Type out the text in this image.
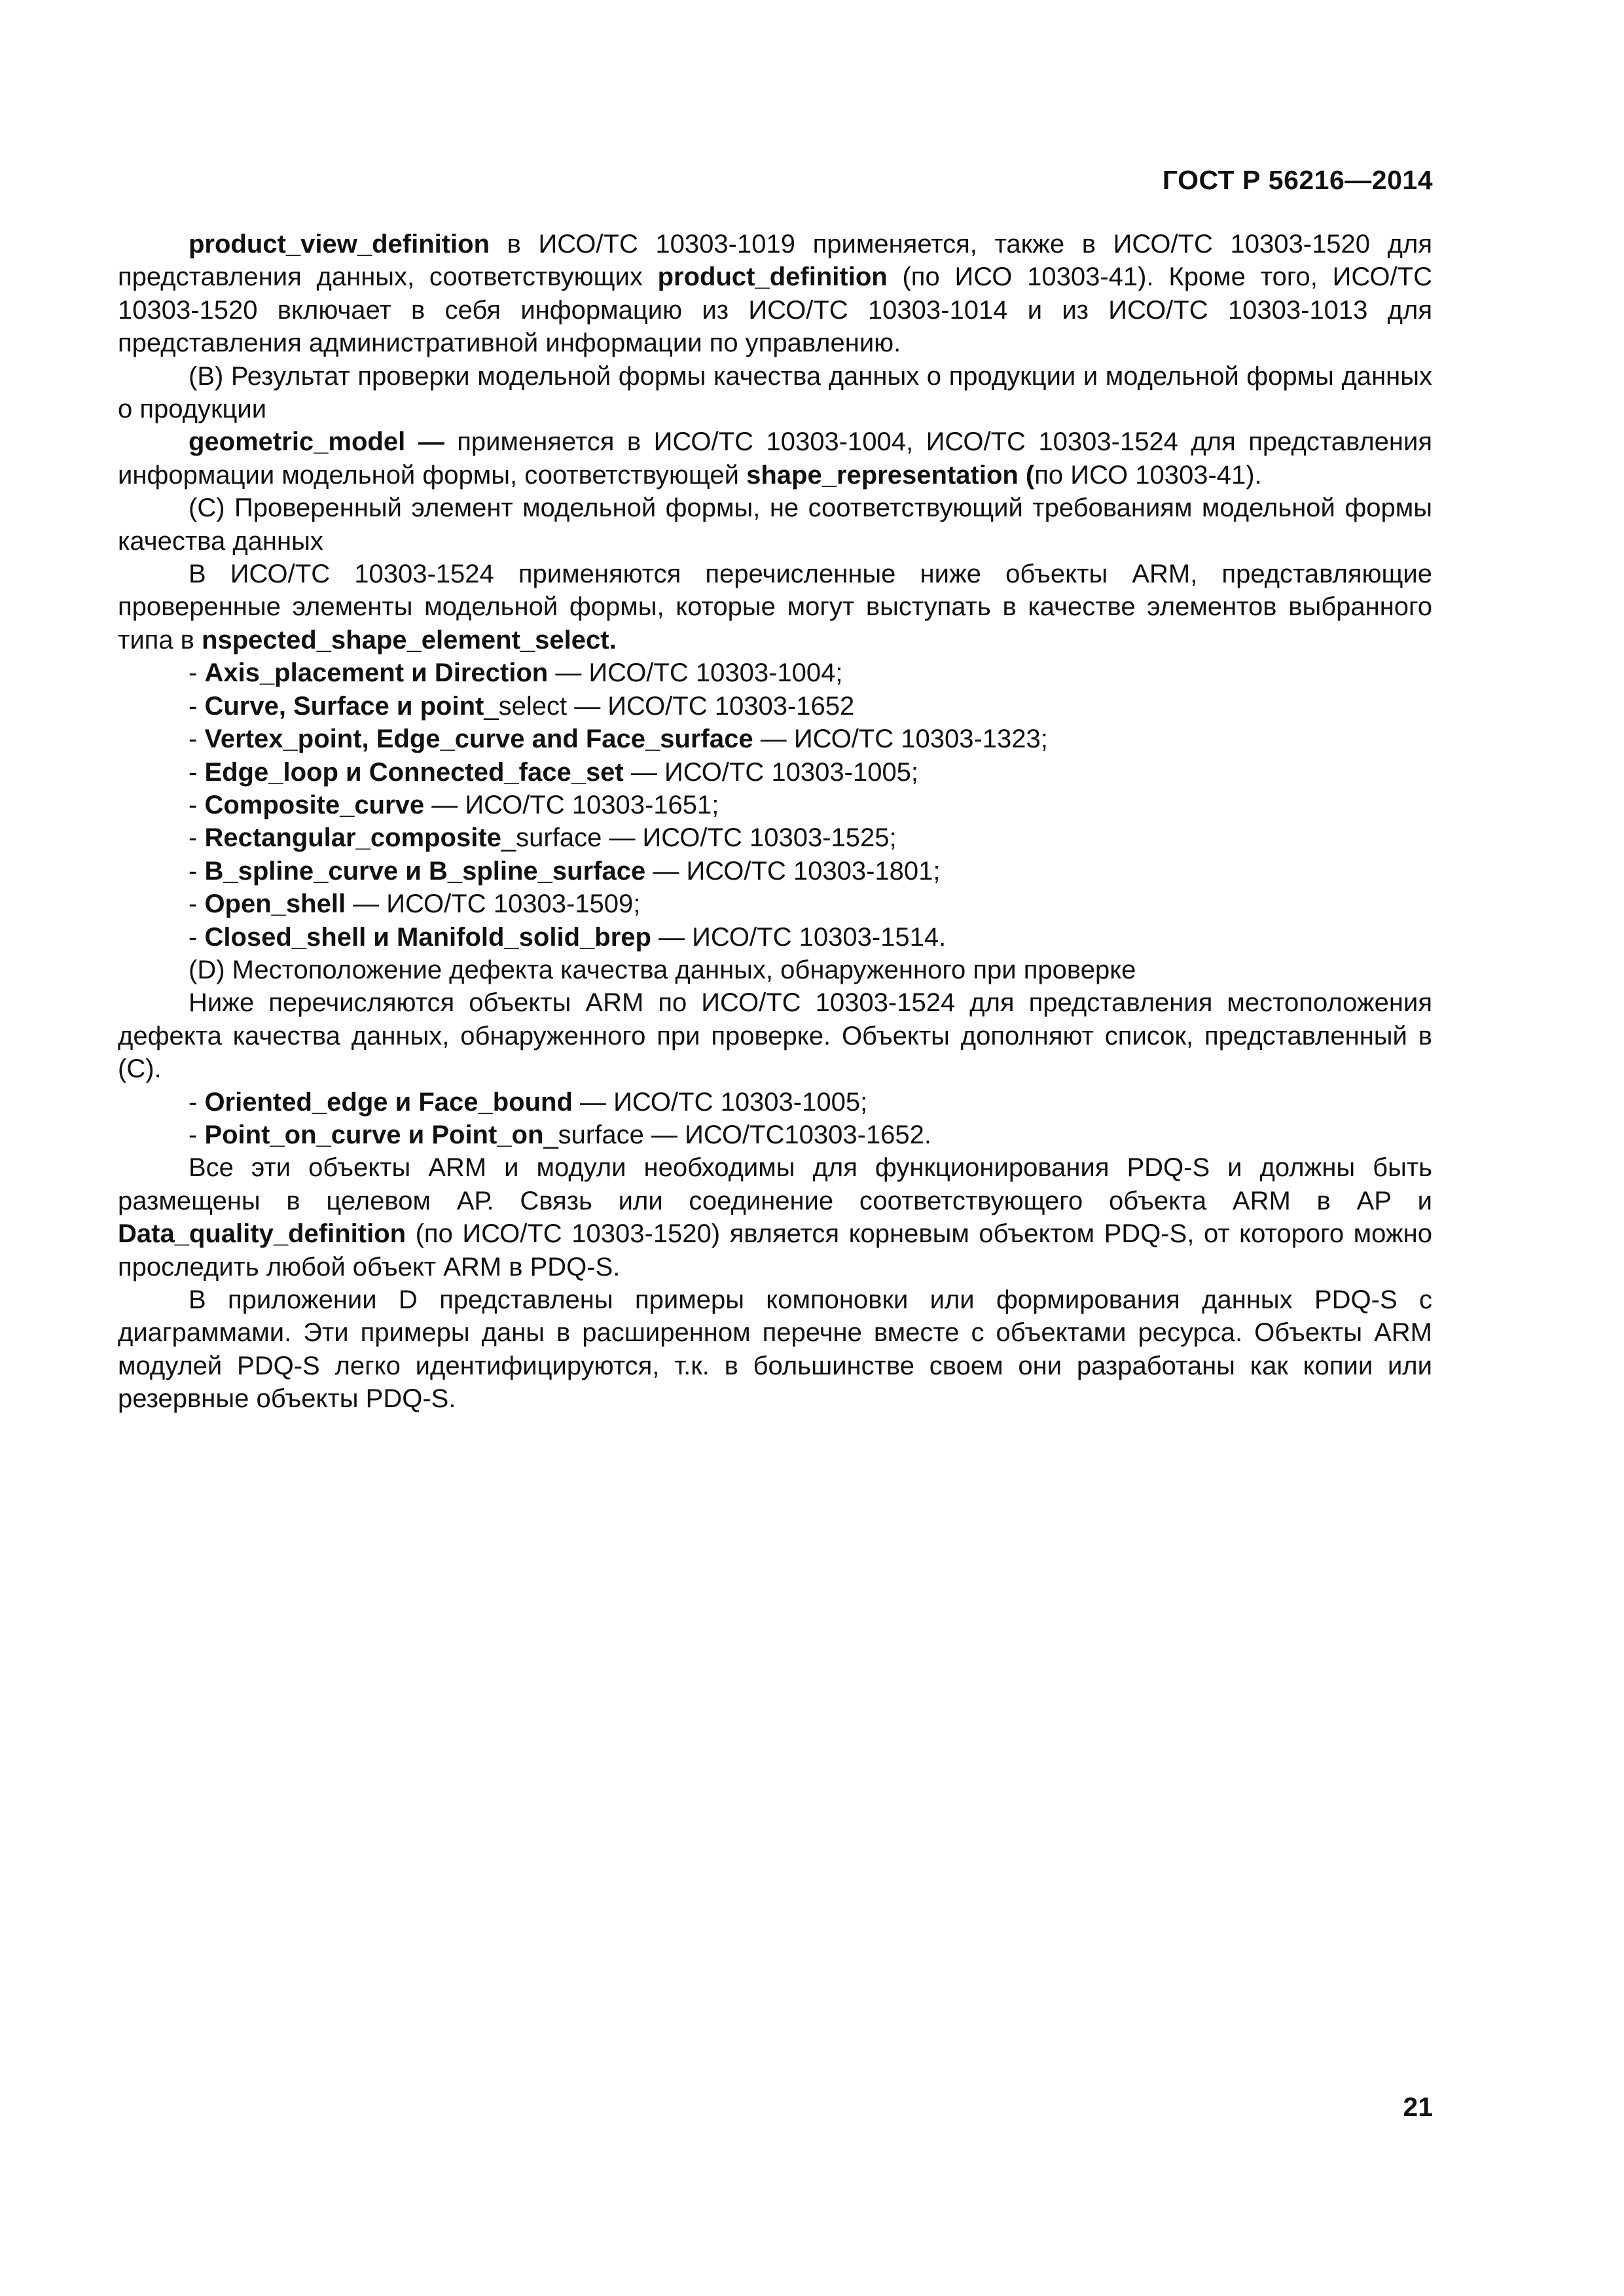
ГОСТ Р 56216—2014

product_view_definition в ИСО/ТС 10303-1019 применяется, также в ИСО/ТС 10303-1520 для представления данных, соответствующих product_definition (по ИСО 10303-41). Кроме того, ИСО/ТС 10303-1520 включает в себя информацию из ИСО/ТС 10303-1014 и из ИСО/ТС 10303-1013 для представления административной информации по управлению.

(В) Результат проверки модельной формы качества данных о продукции и модельной формы данных о продукции

geometric_model — применяется в ИСО/ТС 10303-1004, ИСО/ТС 10303-1524 для представления информации модельной формы, соответствующей shape_representation (по ИСО 10303-41).

(С) Проверенный элемент модельной формы, не соответствующий требованиям модельной формы качества данных

В ИСО/ТС 10303-1524 применяются перечисленные ниже объекты ARM, представляющие проверенные элементы модельной формы, которые могут выступать в качестве элементов выбранного типа в nspected_shape_element_select.

- Axis_placement и Direction — ИСО/ТС 10303-1004;

- Curve, Surface и point_select — ИСО/ТС 10303-1652

- Vertex_point, Edge_curve and Face_surface — ИСО/ТС 10303-1323;

- Edge_loop и Connected_face_set — ИСО/ТС 10303-1005;

- Composite_curve — ИСО/ТС 10303-1651;

- Rectangular_composite_surface — ИСО/ТС 10303-1525;

- B_spline_curve и B_spline_surface — ИСО/ТС 10303-1801;

- Open_shell — ИСО/ТС 10303-1509;

- Closed_shell и Manifold_solid_brep — ИСО/ТС 10303-1514.

(D) Местоположение дефекта качества данных, обнаруженного при проверке

Ниже перечисляются объекты ARM по ИСО/ТС 10303-1524 для представления местоположения дефекта качества данных, обнаруженного при проверке. Объекты дополняют список, представленный в (С).

- Oriented_edge и Face_bound — ИСО/ТС 10303-1005;

- Point_on_curve и Point_on_surface — ИСО/ТС10303-1652.

Все эти объекты ARM и модули необходимы для функционирования PDQ-S и должны быть размещены в целевом АР. Связь или соединение соответствующего объекта ARM в АР и Data_quality_definition (по ИСО/ТС 10303-1520) является корневым объектом PDQ-S, от которого можно проследить любой объект ARM в PDQ-S.

В приложении D представлены примеры компоновки или формирования данных PDQ-S с диаграммами. Эти примеры даны в расширенном перечне вместе с объектами ресурса. Объекты ARM модулей PDQ-S легко идентифицируются, т.к. в большинстве своем они разработаны как копии или резервные объекты PDQ-S.

21
